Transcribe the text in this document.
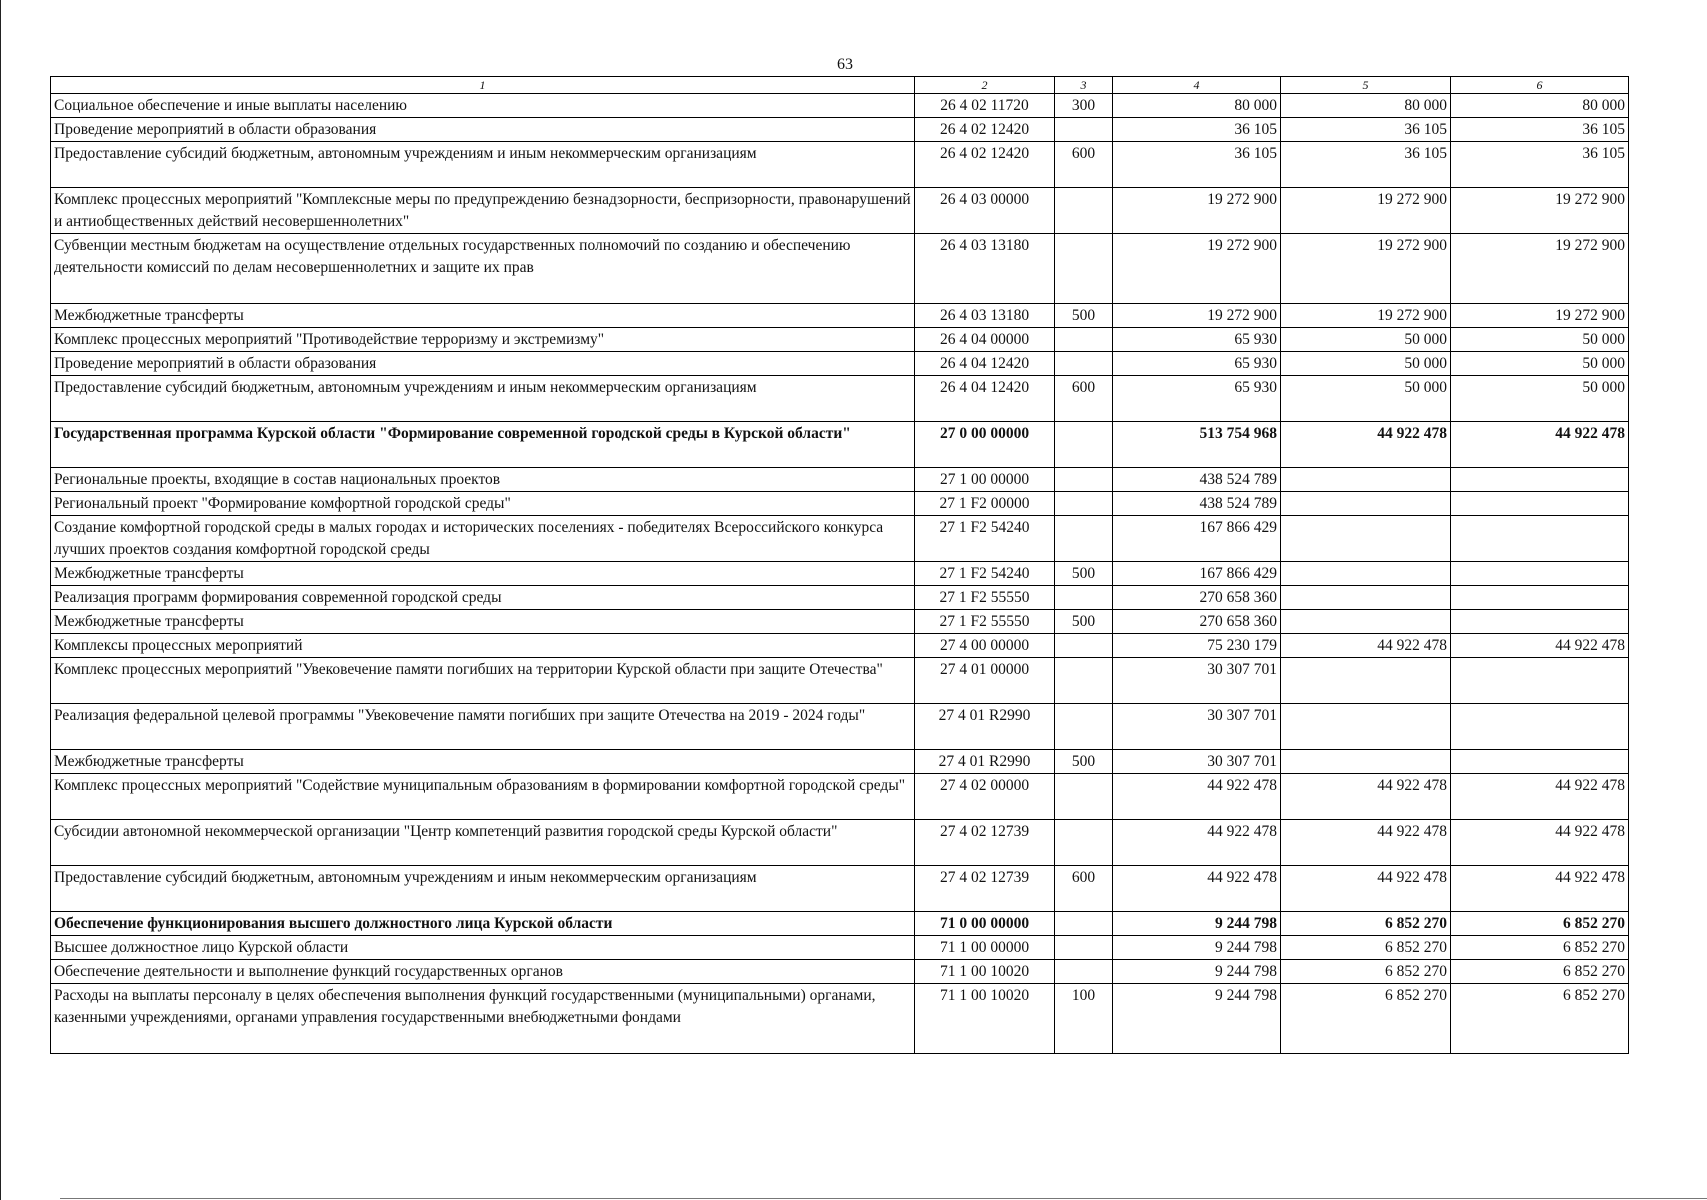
63
1	2	3	4	5	6
Социальное обеспечение и иные выплаты населению	26 4 02 11720	300	80 000	80 000	80 000
Проведение мероприятий в области образования	26 4 02 12420		36 105	36 105	36 105
Предоставление субсидий бюджетным, автономным учреждениям и иным некоммерческим организациям	26 4 02 12420	600	36 105	36 105	36 105
Комплекс процессных мероприятий "Комплексные меры по предупреждению безнадзорности, беспризорности, правонарушений и антиобщественных действий несовершеннолетних"	26 4 03 00000		19 272 900	19 272 900	19 272 900
Субвенции местным бюджетам на осуществление отдельных государственных полномочий по созданию и обеспечению деятельности комиссий по делам несовершеннолетних и защите их прав	26 4 03 13180		19 272 900	19 272 900	19 272 900
Межбюджетные трансферты	26 4 03 13180	500	19 272 900	19 272 900	19 272 900
Комплекс процессных мероприятий "Противодействие терроризму и экстремизму"	26 4 04 00000		65 930	50 000	50 000
Проведение мероприятий в области образования	26 4 04 12420		65 930	50 000	50 000
Предоставление субсидий бюджетным, автономным учреждениям и иным некоммерческим организациям	26 4 04 12420	600	65 930	50 000	50 000
Государственная программа Курской области "Формирование современной городской среды в Курской области"	27 0 00 00000		513 754 968	44 922 478	44 922 478
Региональные проекты, входящие в состав национальных проектов	27 1 00 00000		438 524 789		
Региональный проект "Формирование комфортной городской среды"	27 1 F2 00000		438 524 789		
Создание комфортной городской среды в малых городах и исторических поселениях - победителях Всероссийского конкурса лучших проектов создания комфортной городской среды	27 1 F2 54240		167 866 429		
Межбюджетные трансферты	27 1 F2 54240	500	167 866 429		
Реализация программ формирования современной городской среды	27 1 F2 55550		270 658 360		
Межбюджетные трансферты	27 1 F2 55550	500	270 658 360		
Комплексы процессных мероприятий	27 4 00 00000		75 230 179	44 922 478	44 922 478
Комплекс процессных мероприятий "Увековечение памяти погибших на территории Курской области при защите Отечества"	27 4 01 00000		30 307 701		
Реализация федеральной целевой программы "Увековечение памяти погибших при защите Отечества на 2019 - 2024 годы"	27 4 01 R2990		30 307 701		
Межбюджетные трансферты	27 4 01 R2990	500	30 307 701		
Комплекс процессных мероприятий "Содействие муниципальным образованиям в формировании комфортной городской среды"	27 4 02 00000		44 922 478	44 922 478	44 922 478
Субсидии автономной некоммерческой организации "Центр компетенций развития городской среды Курской области"	27 4 02 12739		44 922 478	44 922 478	44 922 478
Предоставление субсидий бюджетным, автономным учреждениям и иным некоммерческим организациям	27 4 02 12739	600	44 922 478	44 922 478	44 922 478
Обеспечение функционирования высшего должностного лица Курской области	71 0 00 00000		9 244 798	6 852 270	6 852 270
Высшее должностное лицо Курской области	71 1 00 00000		9 244 798	6 852 270	6 852 270
Обеспечение деятельности и выполнение функций государственных органов	71 1 00 10020		9 244 798	6 852 270	6 852 270
Расходы на выплаты персоналу в целях обеспечения выполнения функций государственными (муниципальными) органами, казенными учреждениями, органами управления государственными внебюджетными фондами	71 1 00 10020	100	9 244 798	6 852 270	6 852 270
